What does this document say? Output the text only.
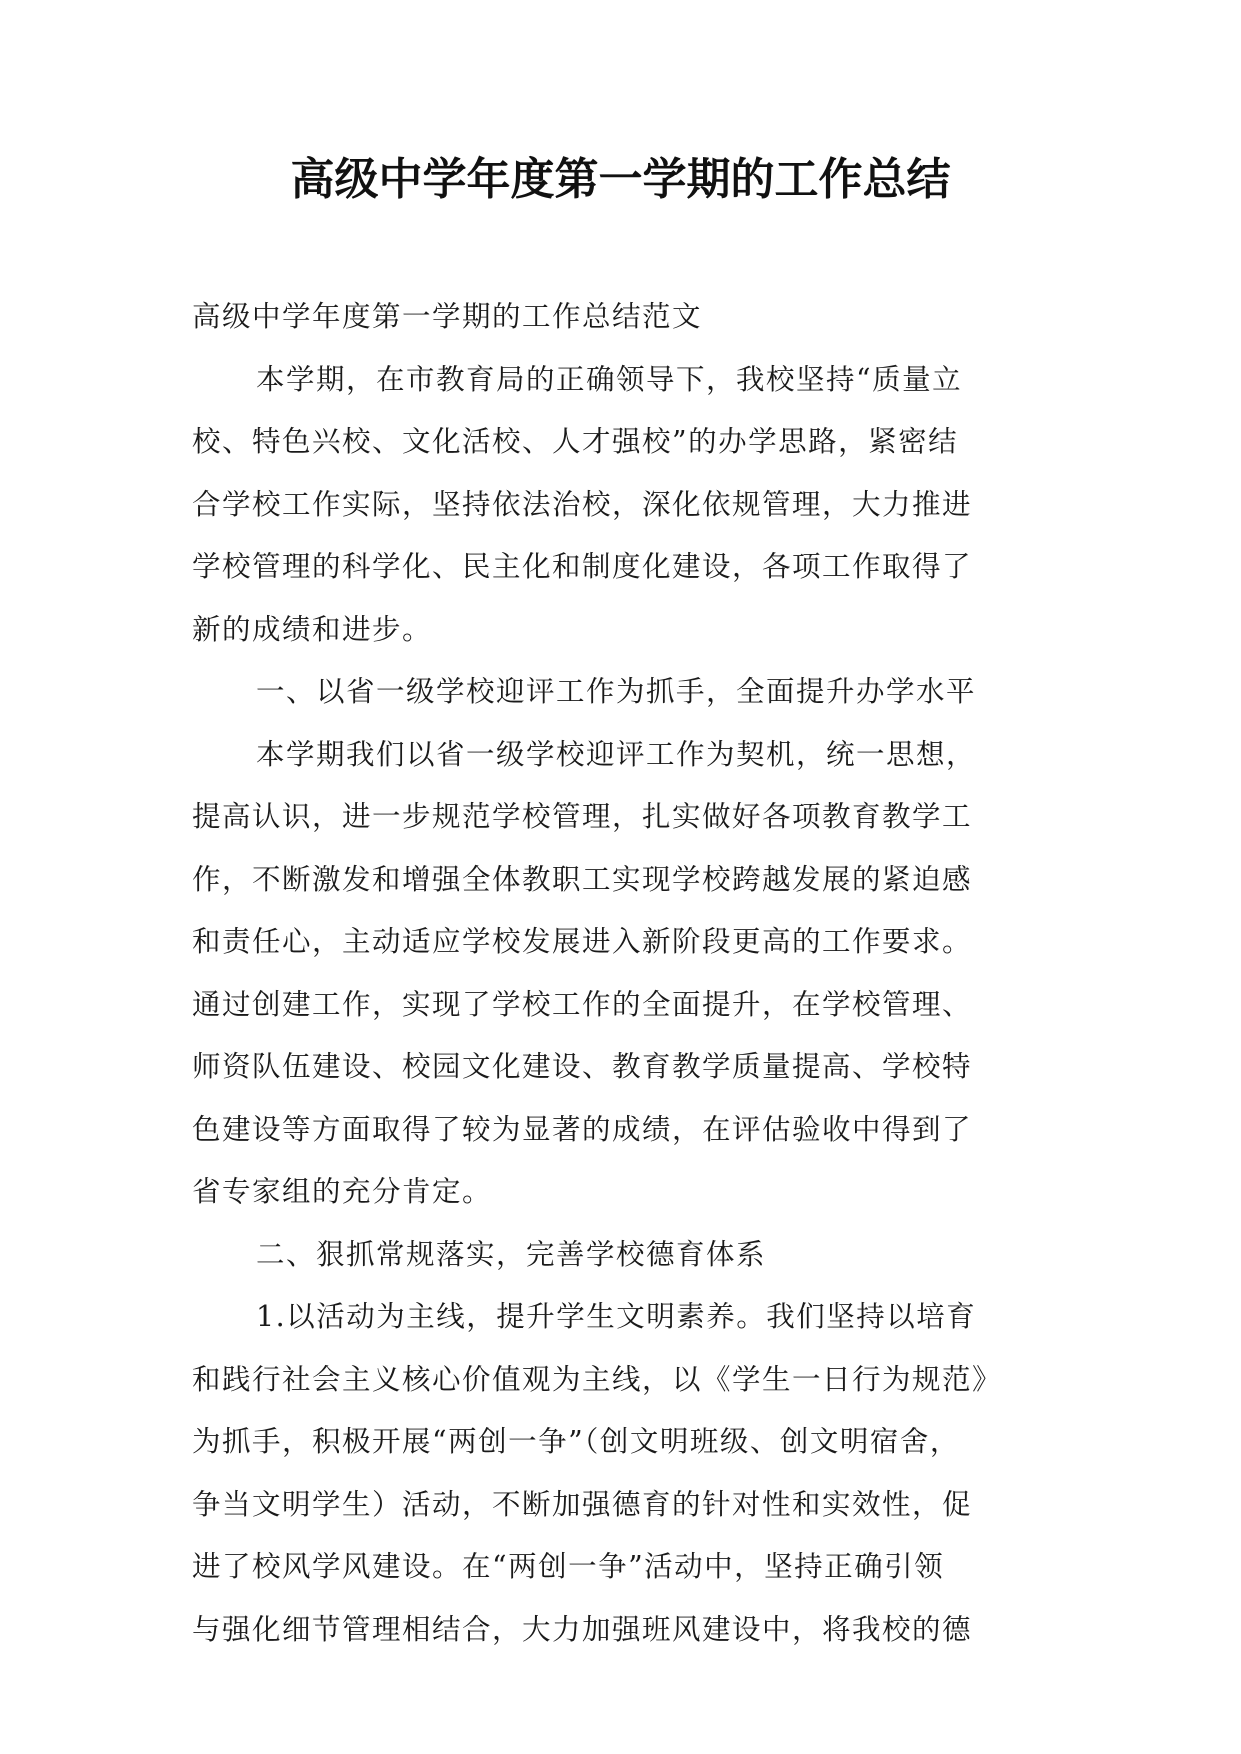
高级中学年度第一学期的工作总结
高级中学年度第一学期的工作总结范文
本学期，在市教育局的正确领导下，我校坚持“质量立
校、特色兴校、文化活校、人才强校”的办学思路，紧密结
合学校工作实际，坚持依法治校，深化依规管理，大力推进
学校管理的科学化、民主化和制度化建设，各项工作取得了
新的成绩和进步。
一、以省一级学校迎评工作为抓手，全面提升办学水平
本学期我们以省一级学校迎评工作为契机，统一思想，
提高认识，进一步规范学校管理，扎实做好各项教育教学工
作，不断激发和增强全体教职工实现学校跨越发展的紧迫感
和责任心，主动适应学校发展进入新阶段更高的工作要求。
通过创建工作，实现了学校工作的全面提升，在学校管理、
师资队伍建设、校园文化建设、教育教学质量提高、学校特
色建设等方面取得了较为显著的成绩，在评估验收中得到了
省专家组的充分肯定。
二、狠抓常规落实，完善学校德育体系
1.以活动为主线，提升学生文明素养。我们坚持以培育
和践行社会主义核心价值观为主线，以《学生一日行为规范》
为抓手，积极开展“两创一争”（创文明班级、创文明宿舍，
争当文明学生）活动，不断加强德育的针对性和实效性，促
进了校风学风建设。在“两创一争”活动中，坚持正确引领
与强化细节管理相结合，大力加强班风建设中，将我校的德
